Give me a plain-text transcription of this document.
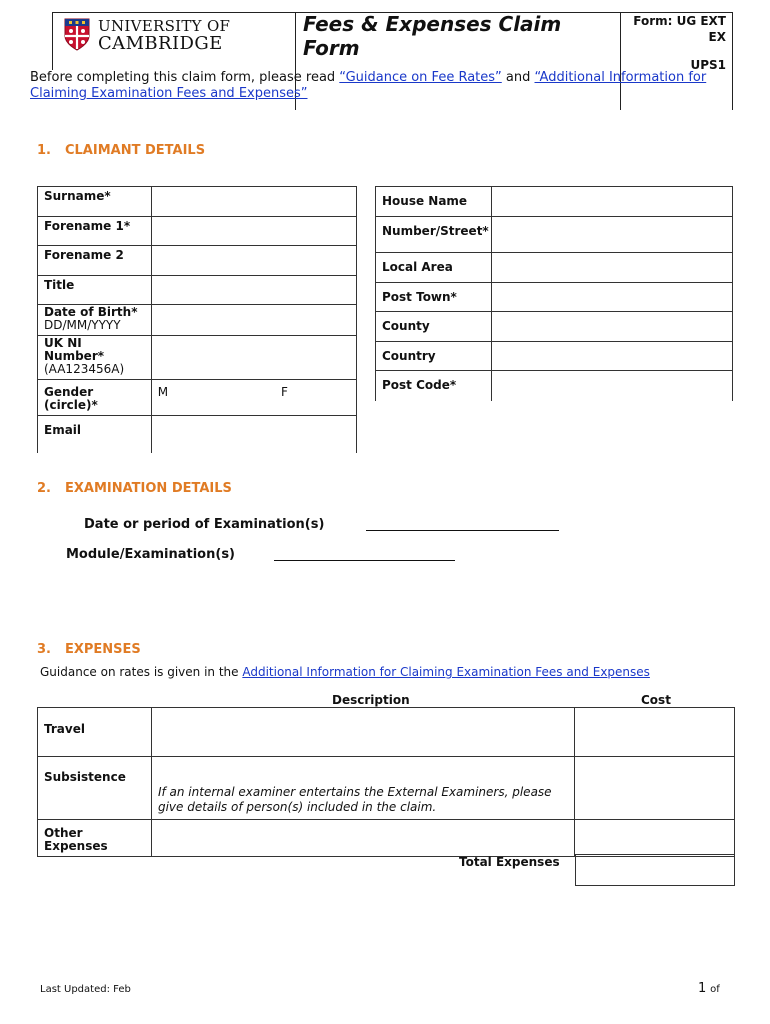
UNIVERSITY OF
CAMBRIDGE
Fees & Expenses Claim
Form
Form: UG EXT
EX
UPS1
Before completing this claim form, please read “Guidance on Fee Rates” and “Additional Information for Claiming Examination Fees and Expenses”
1. CLAIMANT DETAILS
Surname*	
Forename 1*	
Forename 2	
Title	
Date of Birth*
DD/MM/YYYY	

UK NI Number*
(AA123456A)	

Gender (circle)*	M F
Email	
House Name	
Number/Street*	
Local Area	
Post Town*	
County	
Country	
Post Code*	
2. EXAMINATION DETAILS
Date or period of Examination(s)
Module/Examination(s)
3. EXPENSES
Guidance on rates is given in the Additional Information for Claiming Examination Fees and Expenses
Description	Cost
Travel		
Subsistence	If an internal examiner entertains the External Examiners, please give details of person(s) included in the claim.	
Other Expenses		
Total Expenses
Last Updated: Feb	1 of
